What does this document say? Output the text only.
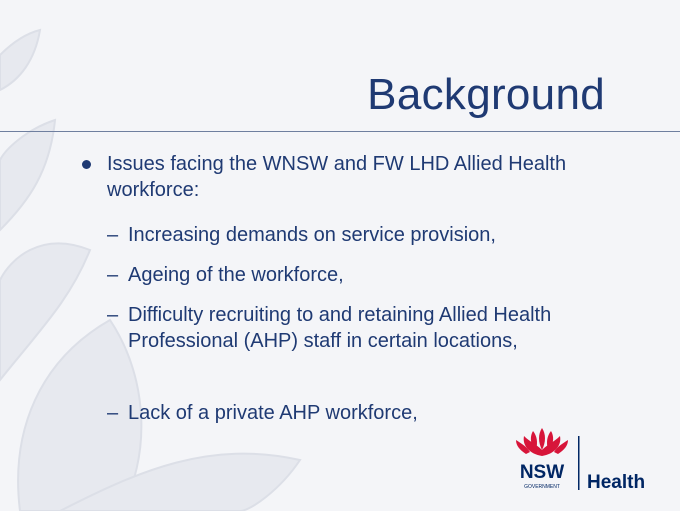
Background
Issues facing the WNSW and FW LHD Allied Health workforce:
– Increasing demands on service provision,
– Ageing of the workforce,
– Difficulty recruiting to and retaining Allied Health Professional (AHP) staff in certain locations,
– Lack of a private AHP workforce,
NSW
GOVERNMENT Health
